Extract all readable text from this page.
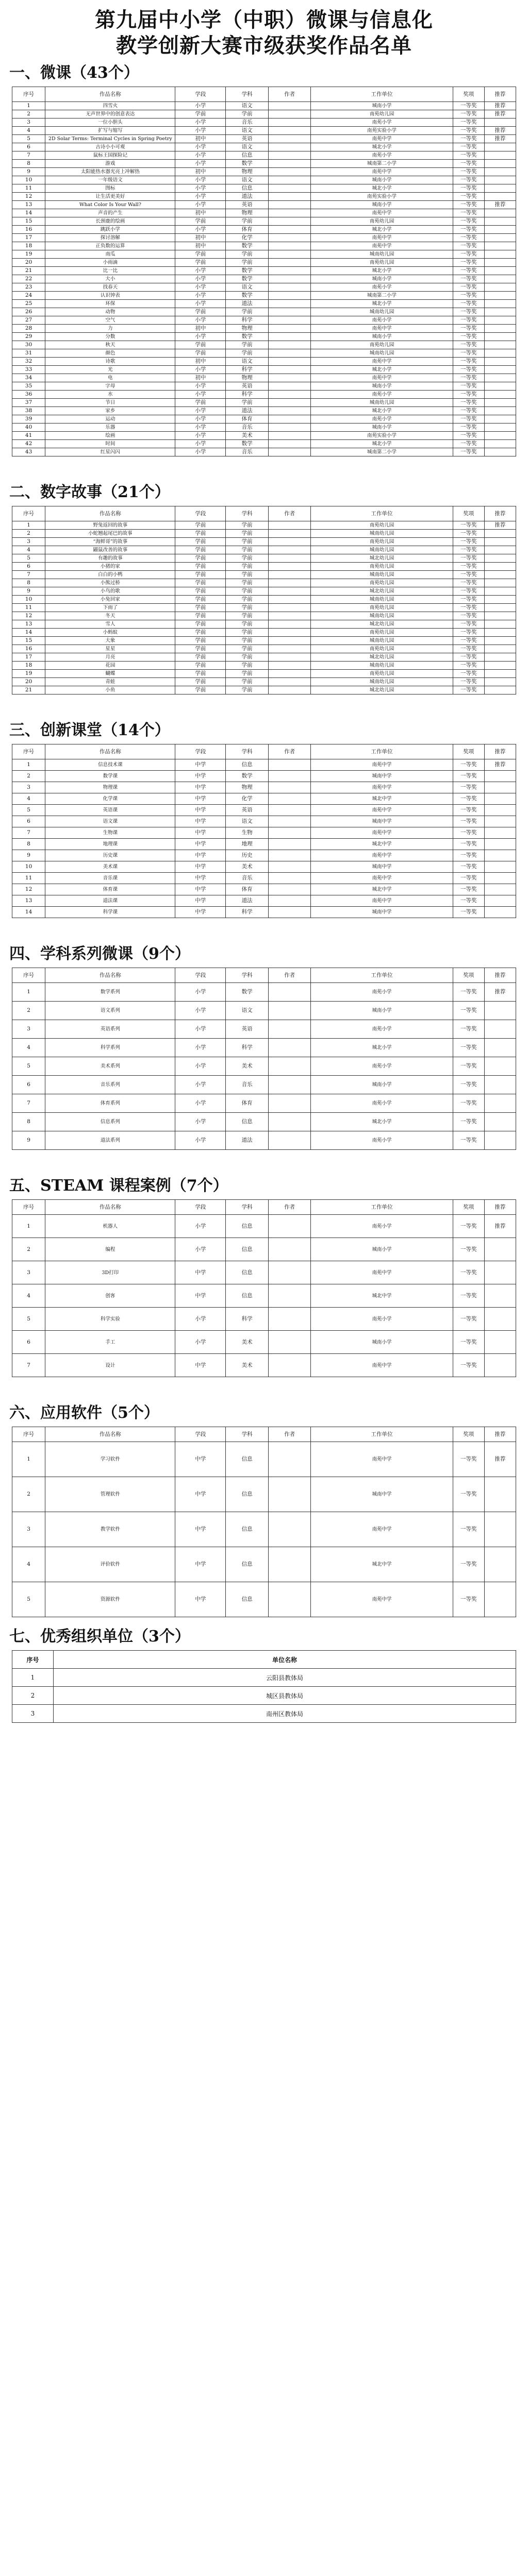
第九届中小学（中职）微课与信息化
教学创新大赛市级获奖作品名单
一、微课（43个）
序号	作品名称	学段	学科	作者	工作单位	奖项	推荐
1	四雪火	小学	语文		城南小学	一等奖	推荐
2	无声世界中的创意表达	学前	学前		南苑幼儿园	一等奖	推荐
3	一位小胆头	小学	音乐		南苑小学	一等奖	
4	扩写与缩写	小学	语文		南苑实验小学	一等奖	推荐
5	2D Solar Terms: Terminal Cycles in Spring Poetry	初中	英语		南苑中学	一等奖	推荐
6	古诗小小可观	小学	语文		城北小学	一等奖	
7	鼠标王国探险记	小学	信息		南苑小学	一等奖	
8	游戏	小学	数学		城南第二小学	一等奖	
9	太阳能热水器光亮上冲解热	初中	物理		南苑中学	一等奖	
10	一年级语文	小学	语文		城南小学	一等奖	
11	图标	小学	信息		城北小学	一等奖	
12	让生活更美好	小学	道法		南苑实验小学	一等奖	
13	What Color Is Your Wall?	小学	英语		城南小学	一等奖	推荐
14	声音的产生	初中	物理		南苑中学	一等奖	
15	长颈鹿的绘画	学前	学前		南苑幼儿园	一等奖	
16	跳跃小学	小学	体育		城北小学	一等奖	
17	探讨溶解	初中	化学		南苑中学	一等奖	
18	正负数的运算	初中	数学		南苑中学	一等奖	
19	南瓜	学前	学前		城南幼儿园	一等奖	
20	小雨滴	学前	学前		南苑幼儿园	一等奖	
21	比一比	小学	数学		城北小学	一等奖	
22	大小	小学	数学		城南小学	一等奖	
23	找春天	小学	语文		南苑小学	一等奖	
24	认识钟表	小学	数学		城南第二小学	一等奖	
25	环保	小学	道法		城北小学	一等奖	
26	动物	学前	学前		城南幼儿园	一等奖	
27	空气	小学	科学		南苑小学	一等奖	
28	力	初中	物理		南苑中学	一等奖	
29	分数	小学	数学		城南小学	一等奖	
30	秋天	学前	学前		南苑幼儿园	一等奖	
31	颜色	学前	学前		城南幼儿园	一等奖	
32	诗歌	初中	语文		南苑中学	一等奖	
33	光	小学	科学		城北小学	一等奖	
34	电	初中	物理		南苑中学	一等奖	
35	字母	小学	英语		城南小学	一等奖	
36	水	小学	科学		南苑小学	一等奖	
37	节日	学前	学前		城南幼儿园	一等奖	
38	家乡	小学	道法		城北小学	一等奖	
39	运动	小学	体育		南苑小学	一等奖	
40	乐器	小学	音乐		城南小学	一等奖	
41	绘画	小学	美术		南苑实验小学	一等奖	
42	时间	小学	数学		城北小学	一等奖	
43	红星闪闪	小学	音乐		城南第二小学	一等奖	
二、数字故事（21个）
序号	作品名称	学段	学科	作者	工作单位	奖项	推荐
1	野兔返回的故事	学前	学前		南苑幼儿园	一等奖	推荐
2	小蛇翘起尾巴的故事	学前	学前		城南幼儿园	一等奖	
3	“海鲜哥”的故事	学前	学前		南苑幼儿园	一等奖	
4	鼹鼠改善的故事	学前	学前		城南幼儿园	一等奖	
5	有趣的故事	学前	学前		城北幼儿园	一等奖	
6	小猪的家	学前	学前		南苑幼儿园	一等奖	
7	白白的小鸭	学前	学前		城南幼儿园	一等奖	
8	小熊过桥	学前	学前		南苑幼儿园	一等奖	
9	小鸟的歌	学前	学前		城北幼儿园	一等奖	
10	小兔回家	学前	学前		城南幼儿园	一等奖	
11	下雨了	学前	学前		南苑幼儿园	一等奖	
12	冬天	学前	学前		城南幼儿园	一等奖	
13	雪人	学前	学前		城北幼儿园	一等奖	
14	小蚂蚁	学前	学前		南苑幼儿园	一等奖	
15	大象	学前	学前		城南幼儿园	一等奖	
16	星星	学前	学前		南苑幼儿园	一等奖	
17	月亮	学前	学前		城北幼儿园	一等奖	
18	花园	学前	学前		城南幼儿园	一等奖	
19	蝴蝶	学前	学前		南苑幼儿园	一等奖	
20	青蛙	学前	学前		城南幼儿园	一等奖	
21	小鱼	学前	学前		城北幼儿园	一等奖	
三、创新课堂（14个）
序号	作品名称	学段	学科	作者	工作单位	奖项	推荐
1	信息技术课	中学	信息		南苑中学	一等奖	推荐
2	数学课	中学	数学		城南中学	一等奖	
3	物理课	中学	物理		南苑中学	一等奖	
4	化学课	中学	化学		城北中学	一等奖	
5	英语课	中学	英语		南苑中学	一等奖	
6	语文课	中学	语文		城南中学	一等奖	
7	生物课	中学	生物		南苑中学	一等奖	
8	地理课	中学	地理		城北中学	一等奖	
9	历史课	中学	历史		南苑中学	一等奖	
10	美术课	中学	美术		城南中学	一等奖	
11	音乐课	中学	音乐		南苑中学	一等奖	
12	体育课	中学	体育		城北中学	一等奖	
13	道法课	中学	道法		南苑中学	一等奖	
14	科学课	中学	科学		城南中学	一等奖	
四、学科系列微课（9个）
序号	作品名称	学段	学科	作者	工作单位	奖项	推荐
1	数学系列	小学	数学		南苑小学	一等奖	推荐
2	语文系列	小学	语文		城南小学	一等奖	
3	英语系列	小学	英语		南苑小学	一等奖	
4	科学系列	小学	科学		城北小学	一等奖	
5	美术系列	小学	美术		南苑小学	一等奖	
6	音乐系列	小学	音乐		城南小学	一等奖	
7	体育系列	小学	体育		南苑小学	一等奖	
8	信息系列	小学	信息		城北小学	一等奖	
9	道法系列	小学	道法		南苑小学	一等奖	
五、STEAM 课程案例（7个）
序号	作品名称	学段	学科	作者	工作单位	奖项	推荐
1	机器人	小学	信息		南苑小学	一等奖	推荐
2	编程	小学	信息		城南小学	一等奖	
3	3D打印	中学	信息		南苑中学	一等奖	
4	创客	中学	信息		城北中学	一等奖	
5	科学实验	小学	科学		南苑小学	一等奖	
6	手工	小学	美术		城南小学	一等奖	
7	设计	中学	美术		南苑中学	一等奖	
六、应用软件（5个）
序号	作品名称	学段	学科	作者	工作单位	奖项	推荐
1	学习软件	中学	信息		南苑中学	一等奖	推荐
2	管理软件	中学	信息		城南中学	一等奖	
3	教学软件	中学	信息		南苑中学	一等奖	
4	评价软件	中学	信息		城北中学	一等奖	
5	资源软件	中学	信息		南苑中学	一等奖	
七、优秀组织单位（3个）
序号	单位名称
1	云阳县教体局
2	城区县教体局
3	南州区教体局
